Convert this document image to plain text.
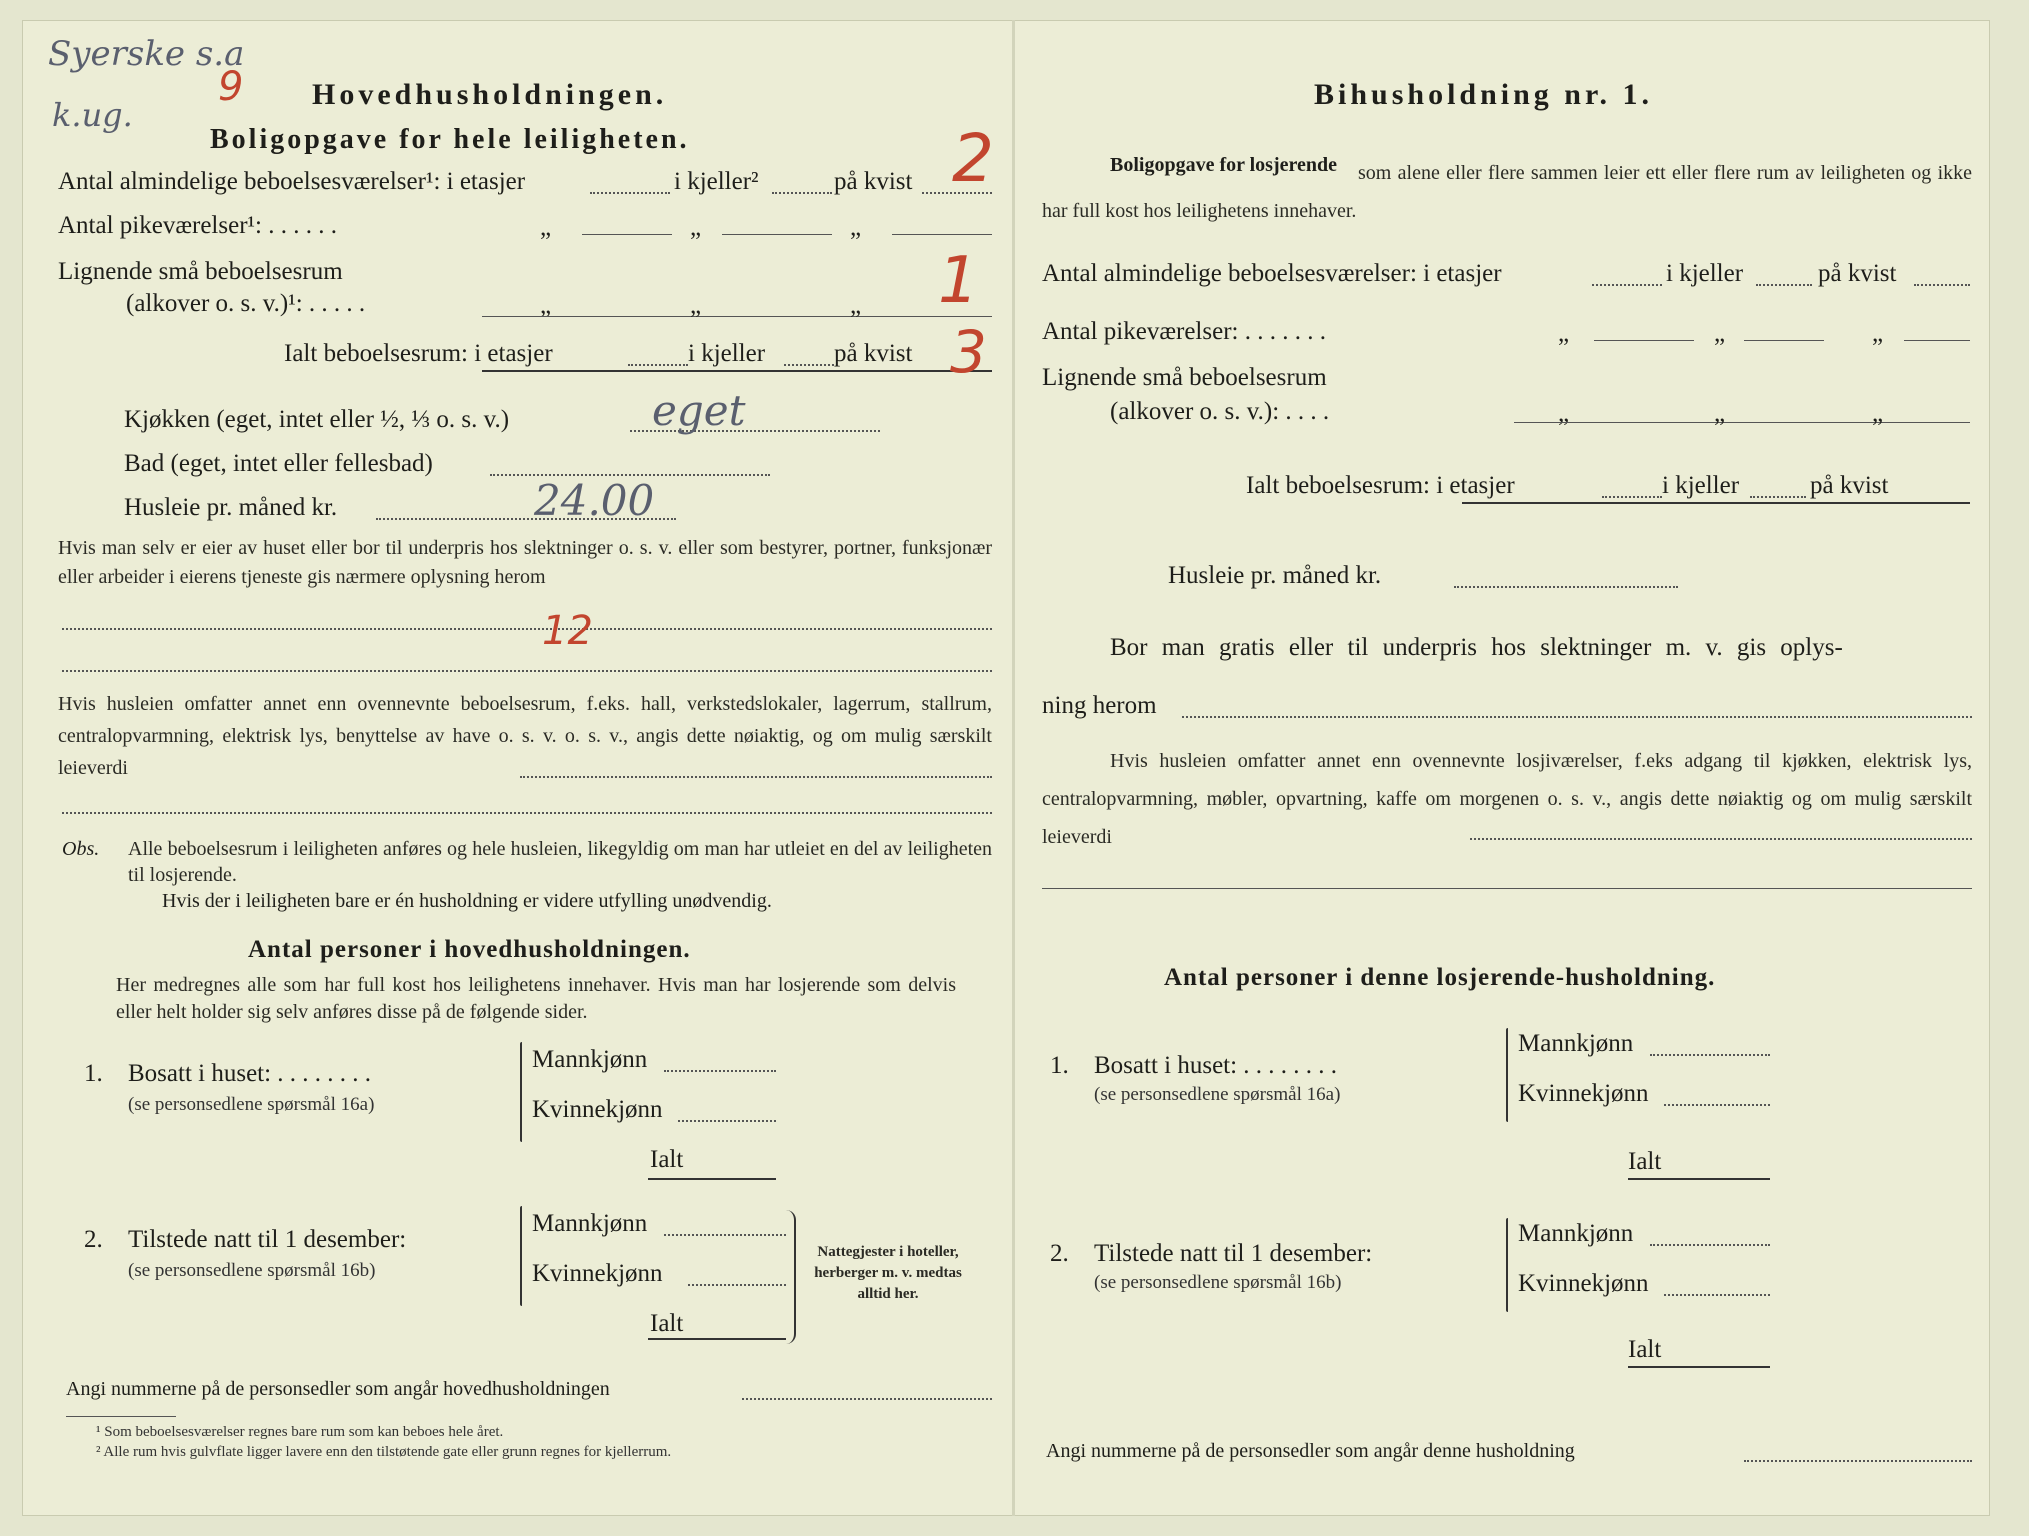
Syerske s.a
k.ug.
9 Hovedhusholdningen.
Boligopgave for hele leiligheten.
Antal almindelige beboelsesværelser¹: i etasjer	i kjeller²	på kvist 2
Antal pikeværelser¹: . . . . . .	„	„	„
Lignende små beboelsesrum
(alkover o. s. v.)¹: . . . . .	„	„	„ 1
Ialt beboelsesrum: i etasjer	i kjeller	på kvist 3
Kjøkken (eget, intet eller ½, ⅓ o. s. v.)	eget
Bad (eget, intet eller fellesbad)
Husleie pr. måned kr.	24.00
Hvis man selv er eier av huset eller bor til underpris hos slektninger o. s. v. eller som bestyrer, portner, funksjonær eller arbeider i eierens tjeneste gis nærmere oplysning herom
12
Hvis husleien omfatter annet enn ovennevnte beboelsesrum, f.eks. hall, verkstedslokaler, lagerrum, stallrum, centralopvarmning, elektrisk lys, benyttelse av have o. s. v. o. s. v., angis dette nøiaktig, og om mulig særskilt leieverdi
Obs. Alle beboelsesrum i leiligheten anføres og hele husleien, likegyldig om man har utleiet en del av leiligheten til losjerende.
Hvis der i leiligheten bare er én husholdning er videre utfylling unødvendig.
Antal personer i hovedhusholdningen.
Her medregnes alle som har full kost hos leilighetens innehaver. Hvis man har losjerende som delvis eller helt holder sig selv anføres disse på de følgende sider.
1. Bosatt i huset: . . . . . . . .
(se personsedlene spørsmål 16a)
Mannkjønn
Kvinnekjønn
Ialt
2. Tilstede natt til 1 desember:
(se personsedlene spørsmål 16b)
Mannkjønn
Kvinnekjønn
Ialt
Nattegjester i hoteller, herberger m. v. medtas alltid her.
Angi nummerne på de personsedler som angår hovedhusholdningen
¹ Som beboelsesværelser regnes bare rum som kan beboes hele året.
² Alle rum hvis gulvflate ligger lavere enn den tilstøtende gate eller grunn regnes for kjellerrum.
Bihusholdning nr. 1.
Boligopgave for losjerende	som alene eller flere sammen leier ett eller flere rum av leiligheten og ikke har full kost hos leilighetens innehaver.
Antal almindelige beboelsesværelser: i etasjer	i kjeller	på kvist
Antal pikeværelser: . . . . . . .	„	„	„
Lignende små beboelsesrum
(alkover o. s. v.): . . . .	„	„	„
Ialt beboelsesrum: i etasjer	i kjeller	på kvist
Husleie pr. måned kr.
Bor man gratis eller til underpris hos slektninger m. v. gis oplys-
ning herom
Hvis husleien omfatter annet enn ovennevnte losjiværelser, f.eks adgang til kjøkken, elektrisk lys, centralopvarmning, møbler, opvartning, kaffe om morgenen o. s. v., angis dette nøiaktig og om mulig særskilt leieverdi
Antal personer i denne losjerende-husholdning.
1. Bosatt i huset: . . . . . . . .
(se personsedlene spørsmål 16a)
Mannkjønn
Kvinnekjønn
Ialt
2. Tilstede natt til 1 desember:
(se personsedlene spørsmål 16b)
Mannkjønn
Kvinnekjønn
Ialt
Angi nummerne på de personsedler som angår denne husholdning
